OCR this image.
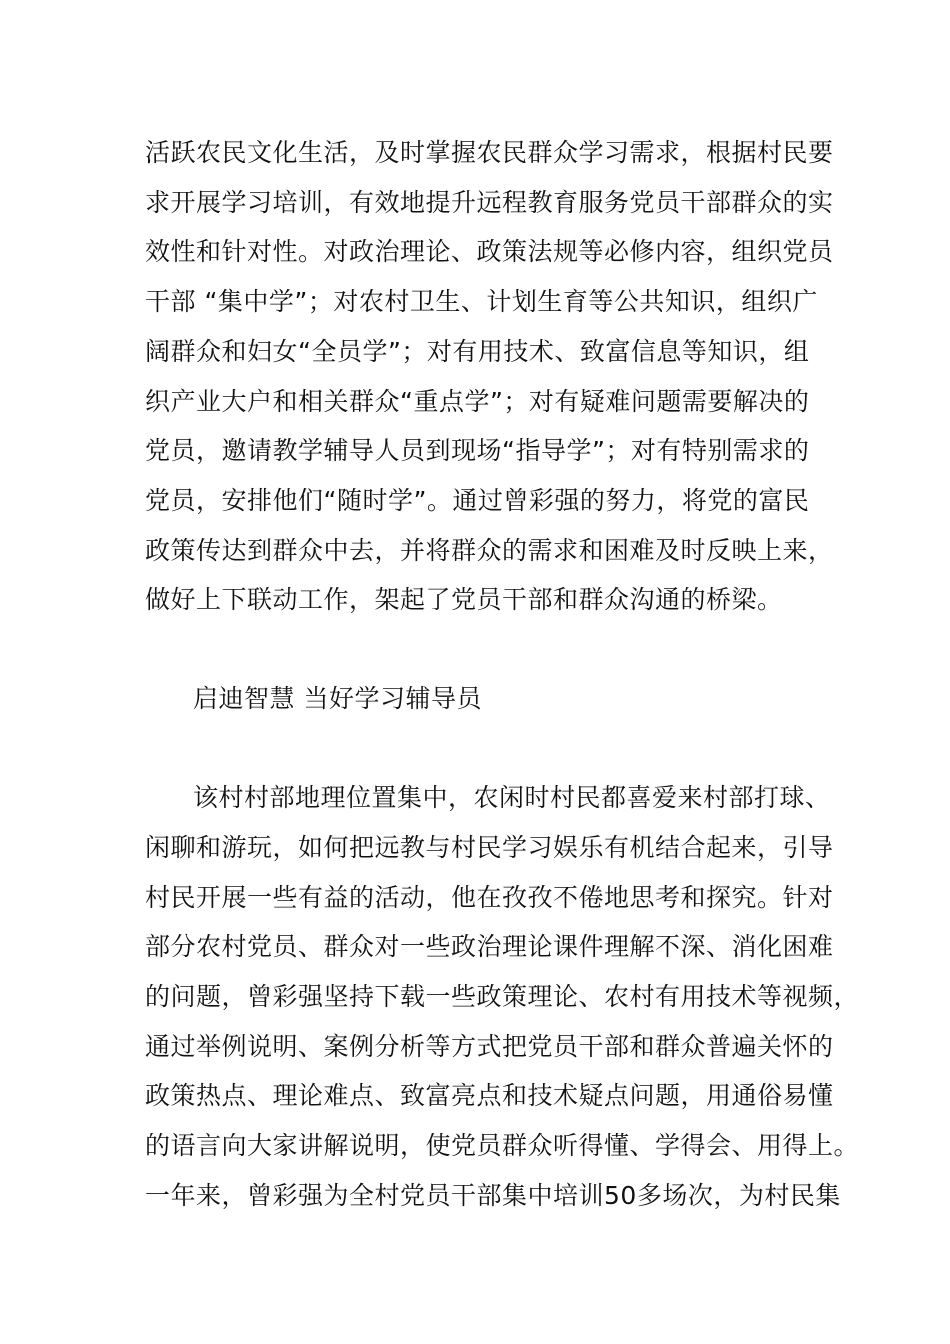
活跃农民文化生活，及时掌握农民群众学习需求，根据村民要
求开展学习培训，有效地提升远程教育服务党员干部群众的实
效性和针对性。对政治理论、政策法规等必修内容，组织党员
干部 “集中学”；对农村卫生、计划生育等公共知识，组织广
阔群众和妇女“全员学”；对有用技术、致富信息等知识，组
织产业大户和相关群众“重点学”；对有疑难问题需要解决的
党员，邀请教学辅导人员到现场“指导学”；对有特别需求的
党员，安排他们“随时学”。通过曾彩强的努力，将党的富民
政策传达到群众中去，并将群众的需求和困难及时反映上来，
做好上下联动工作，架起了党员干部和群众沟通的桥梁。
启迪智慧 当好学习辅导员
该村村部地理位置集中，农闲时村民都喜爱来村部打球、
闲聊和游玩，如何把远教与村民学习娱乐有机结合起来，引导
村民开展一些有益的活动，他在孜孜不倦地思考和探究。针对
部分农村党员、群众对一些政治理论课件理解不深、消化困难
的问题，曾彩强坚持下载一些政策理论、农村有用技术等视频，
通过举例说明、案例分析等方式把党员干部和群众普遍关怀的
政策热点、理论难点、致富亮点和技术疑点问题，用通俗易懂
的语言向大家讲解说明，使党员群众听得懂、学得会、用得上。
一年来，曾彩强为全村党员干部集中培训50多场次，为村民集
